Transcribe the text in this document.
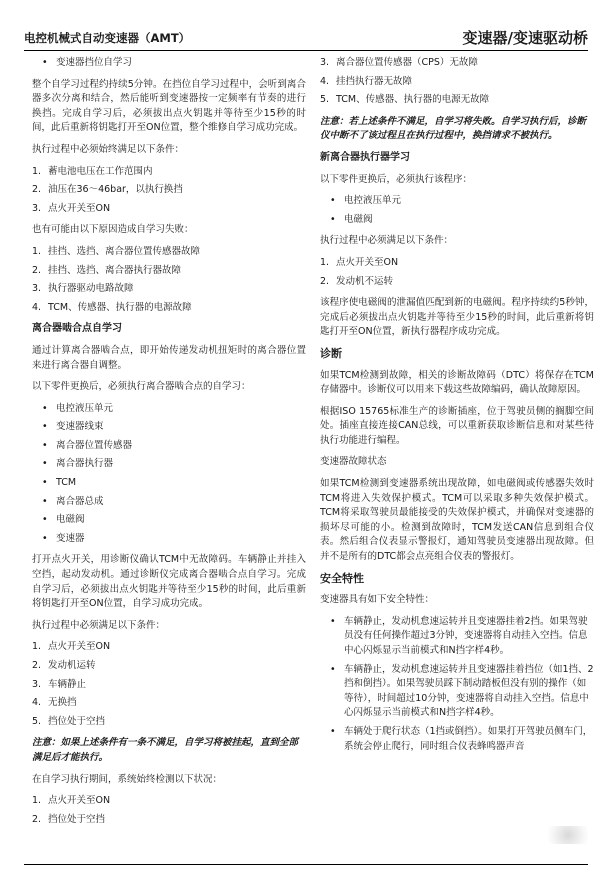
电控机械式自动变速器（AMT）	变速器/变速驱动桥
• 变速器挡位自学习

整个自学习过程约持续5分钟。在挡位自学习过程中，会听到离合器多次分离和结合，然后能听到变速器按一定频率有节奏的进行换挡。完成自学习后，必须拔出点火钥匙并等待至少15秒的时间，此后重新将钥匙打开至ON位置，整个维修自学习成功完成。

执行过程中必须始终满足以下条件：

1. 蓄电池电压在工作范围内
2. 油压在36～46bar，以执行换挡
3. 点火开关至ON

也有可能由以下原因造成自学习失败：

1. 挂挡、选挡、离合器位置传感器故障
2. 挂挡、选挡、离合器执行器故障
3. 执行器驱动电路故障
4. TCM、传感器、执行器的电源故障
离合器啮合点自学习

通过计算离合器啮合点，即开始传递发动机扭矩时的离合器位置来进行离合器自调整。

以下零件更换后，必须执行离合器啮合点的自学习：

• 电控液压单元
• 变速器线束
• 离合器位置传感器
• 离合器执行器
• TCM
• 离合器总成
• 电磁阀
• 变速器

打开点火开关，用诊断仪确认TCM中无故障码。车辆静止并挂入空挡，起动发动机。通过诊断仪完成离合器啮合点自学习。完成自学习后，必须拔出点火钥匙并等待至少15秒的时间，此后重新将钥匙打开至ON位置，自学习成功完成。

执行过程中必须满足以下条件：

1. 点火开关至ON
2. 发动机运转
3. 车辆静止
4. 无换挡
5. 挡位处于空挡
注意：如果上述条件有一条不满足，自学习将被挂起，直到全部满足后才能执行。

在自学习执行期间，系统始终检测以下状况：

1. 点火开关至ON
2. 挡位处于空挡
3. 离合器位置传感器（CPS）无故障
4. 挂挡执行器无故障
5. TCM、传感器、执行器的电源无故障
注意：若上述条件不满足，自学习将失败。自学习执行后，诊断仪中断不了该过程且在执行过程中，换挡请求不被执行。
新离合器执行器学习

以下零件更换后，必须执行该程序：

• 电控液压单元
• 电磁阀

执行过程中必须满足以下条件：

1. 点火开关至ON
2. 发动机不运转

该程序使电磁阀的泄漏值匹配到新的电磁阀。程序持续约5秒钟，完成后必须拔出点火钥匙并等待至少15秒的时间，此后重新将钥匙打开至ON位置，新执行器程序成功完成。

诊断

如果TCM检测到故障，相关的诊断故障码（DTC）将保存在TCM存储器中。诊断仪可以用来下载这些故障编码，确认故障原因。

根据ISO 15765标准生产的诊断插座，位于驾驶员侧的搁脚空间处。插座直接连接CAN总线，可以重新获取诊断信息和对某些待执行功能进行编程。

变速器故障状态

如果TCM检测到变速器系统出现故障，如电磁阀或传感器失效时TCM将进入失效保护模式。TCM可以采取多种失效保护模式。TCM将采取驾驶员最能接受的失效保护模式，并确保对变速器的损坏尽可能的小。检测到故障时，TCM发送CAN信息到组合仪表。然后组合仪表显示警报灯，通知驾驶员变速器出现故障。但并不是所有的DTC都会点亮组合仪表的警报灯。

安全特性

变速器具有如下安全特性：

• 车辆静止，发动机怠速运转并且变速器挂着2挡。如果驾驶员没有任何操作超过3分钟，变速器将自动挂入空挡。信息中心闪烁显示当前模式和N挡字样4秒。
• 车辆静止，发动机怠速运转并且变速器挂着挡位（如1挡、2挡和倒挡）。如果驾驶员踩下制动踏板但没有别的操作（如等待），时间超过10分钟，变速器将自动挂入空挡。信息中心闪烁显示当前模式和N挡字样4秒。
• 车辆处于爬行状态（1挡或倒挡）。如果打开驾驶员侧车门，系统会停止爬行，同时组合仪表蜂鸣器声音
